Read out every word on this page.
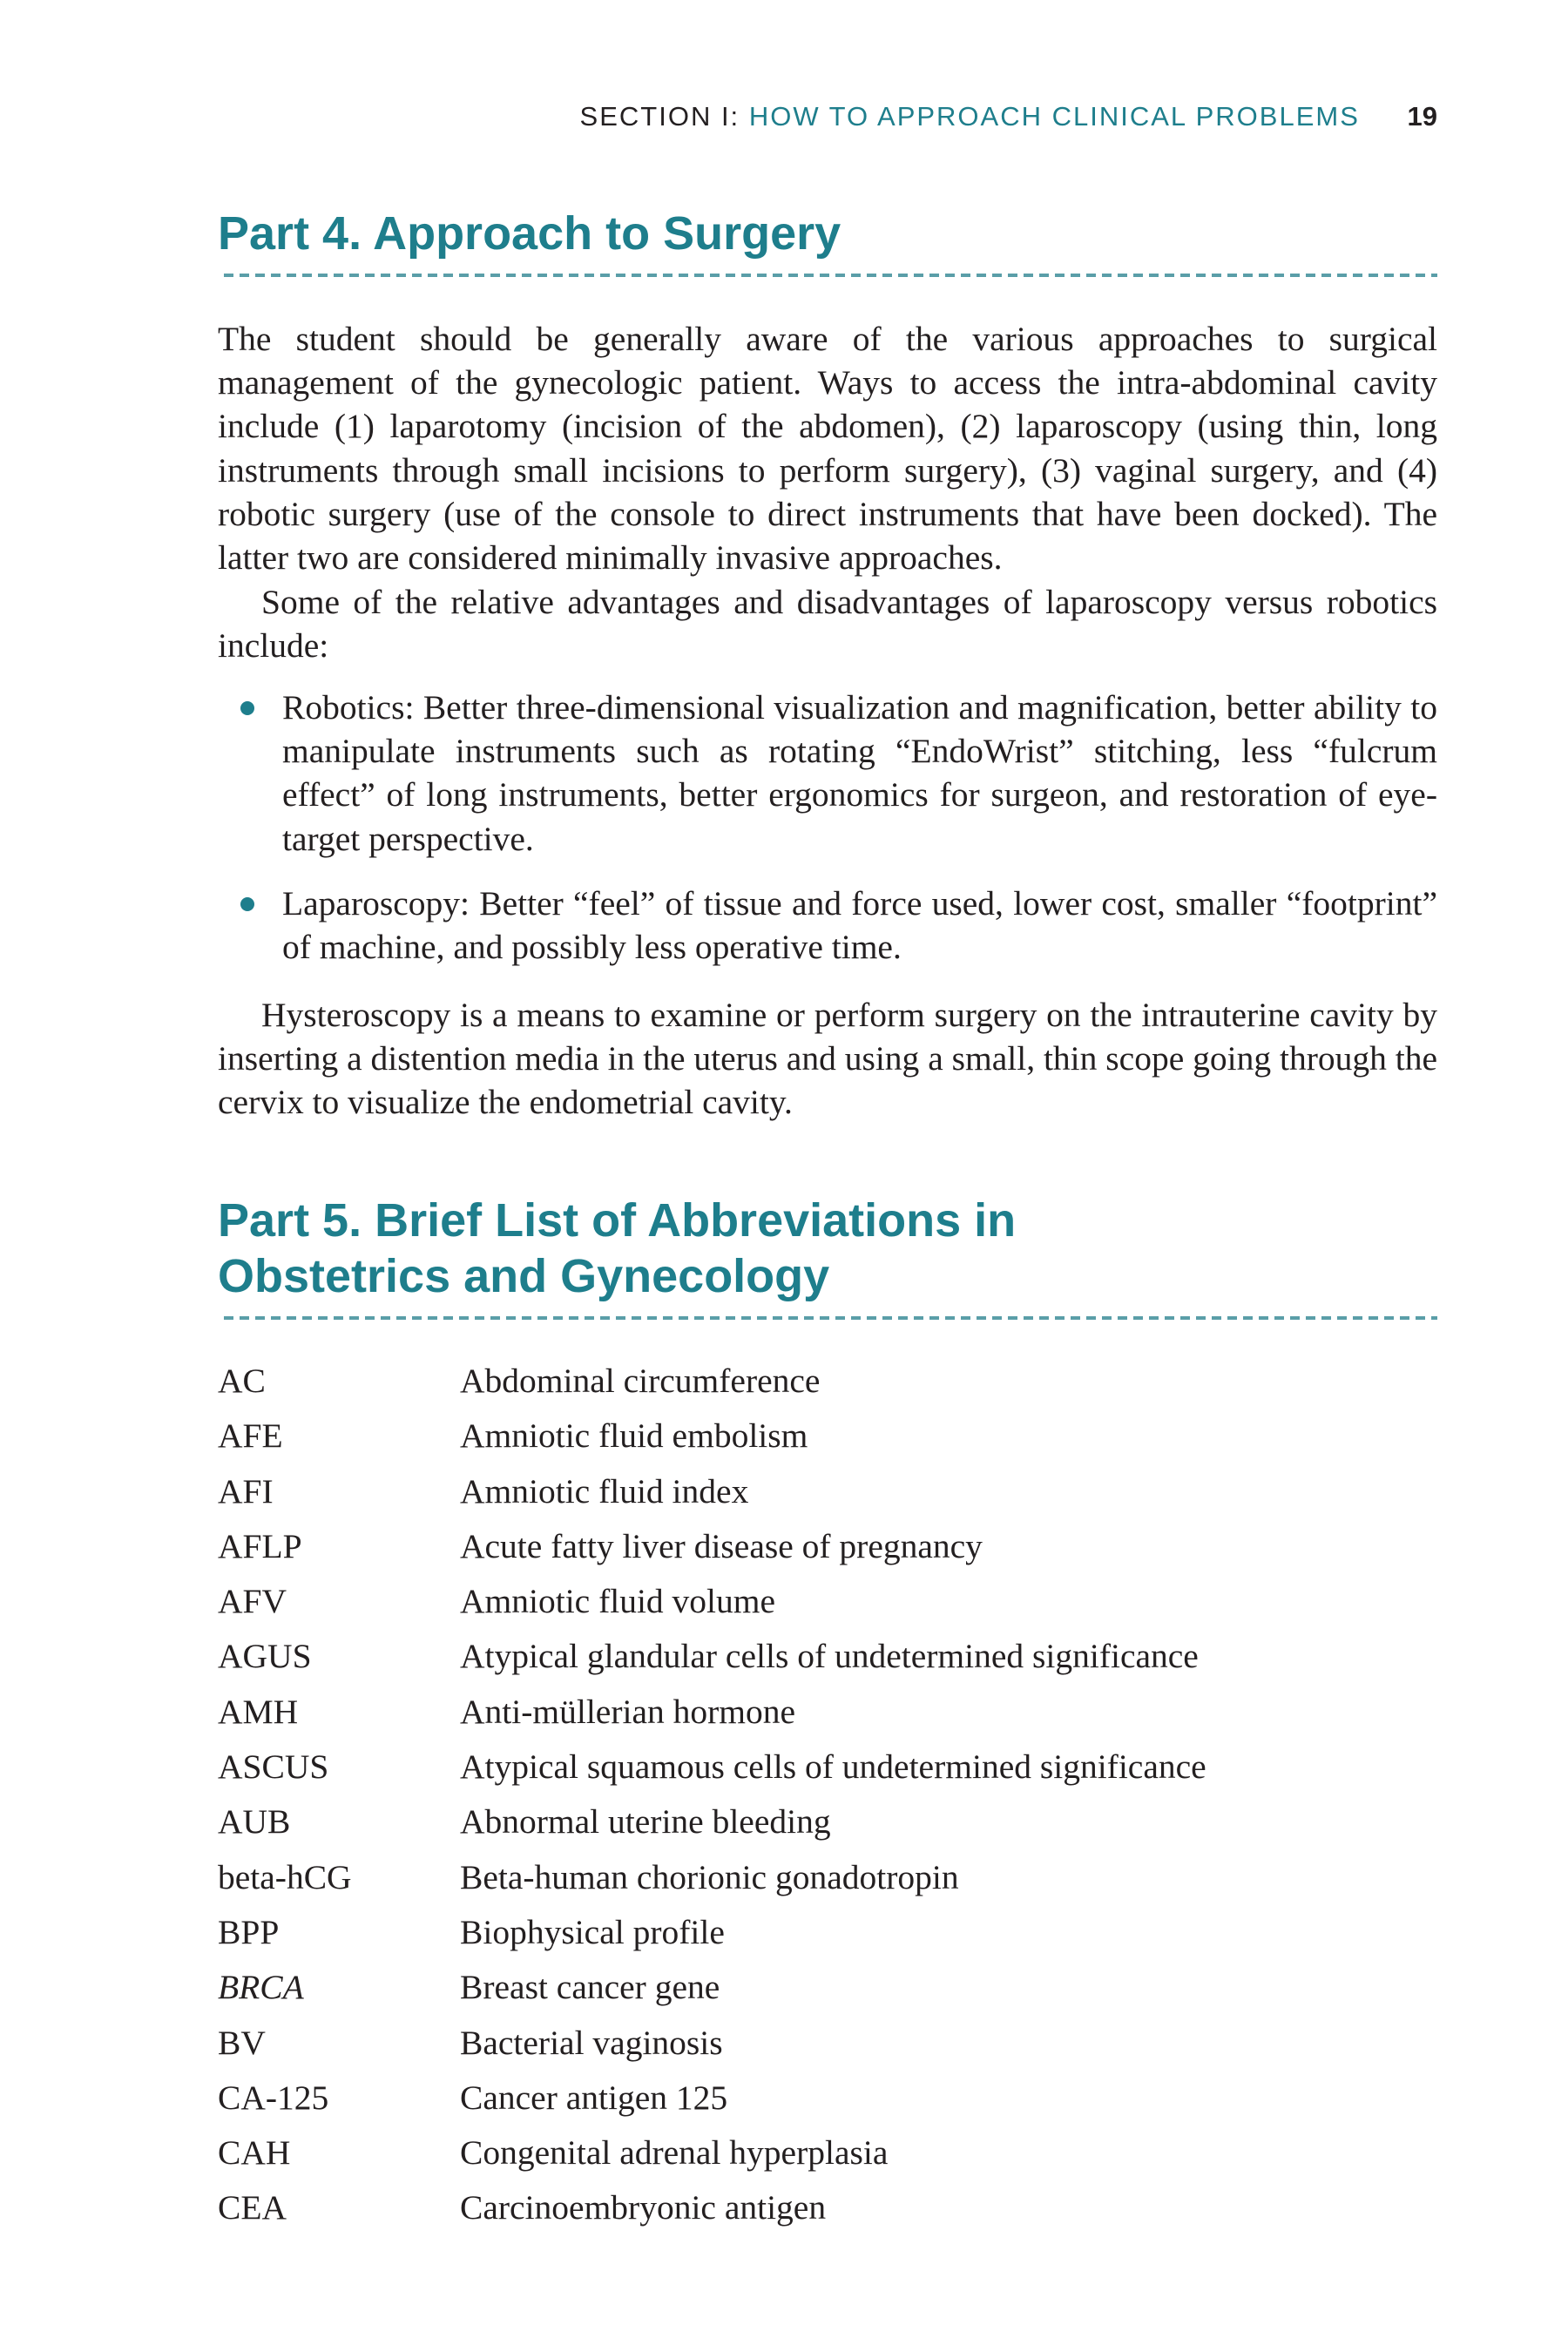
SECTION I: HOW TO APPROACH CLINICAL PROBLEMS 19
Part 4. Approach to Surgery

The student should be generally aware of the various approaches to surgical management of the gynecologic patient. Ways to access the intra-abdominal cavity include (1) laparotomy (incision of the abdomen), (2) laparoscopy (using thin, long instruments through small incisions to perform surgery), (3) vaginal surgery, and (4) robotic surgery (use of the console to direct instruments that have been docked). The latter two are considered minimally invasive approaches.

Some of the relative advantages and disadvantages of laparoscopy versus robotics include:

Robotics: Better three-dimensional visualization and magnification, better ability to manipulate instruments such as rotating “EndoWrist” stitching, less “fulcrum effect” of long instruments, better ergonomics for surgeon, and restoration of eye-target perspective.
Laparoscopy: Better “feel” of tissue and force used, lower cost, smaller “footprint” of machine, and possibly less operative time.

Hysteroscopy is a means to examine or perform surgery on the intrauterine cavity by inserting a distention media in the uterus and using a small, thin scope going through the cervix to visualize the endometrial cavity.

Part 5. Brief List of Abbreviations in
Obstetrics and Gynecology
AC	Abdominal circumference
AFE	Amniotic fluid embolism
AFI	Amniotic fluid index
AFLP	Acute fatty liver disease of pregnancy
AFV	Amniotic fluid volume
AGUS	Atypical glandular cells of undetermined significance
AMH	Anti-müllerian hormone
ASCUS	Atypical squamous cells of undetermined significance
AUB	Abnormal uterine bleeding
beta-hCG	Beta-human chorionic gonadotropin
BPP	Biophysical profile
BRCA	Breast cancer gene
BV	Bacterial vaginosis
CA-125	Cancer antigen 125
CAH	Congenital adrenal hyperplasia
CEA	Carcinoembryonic antigen
